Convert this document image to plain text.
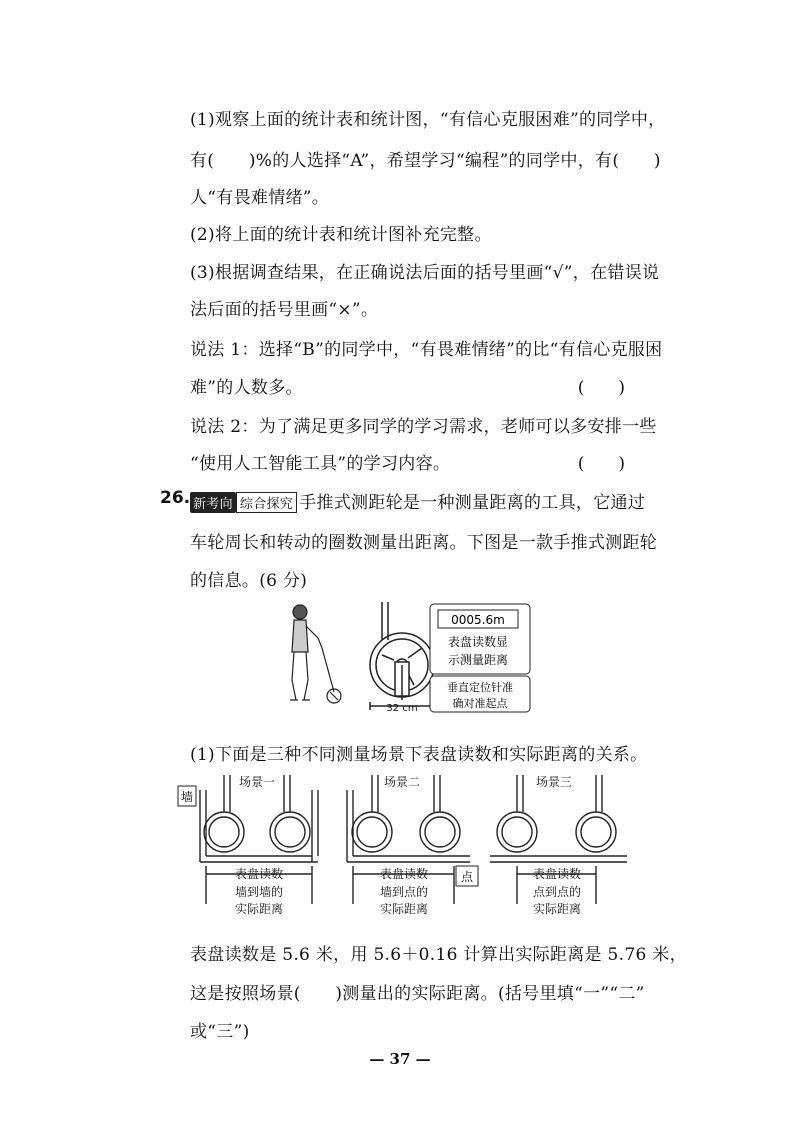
(1)观察上面的统计表和统计图，“有信心克服困难”的同学中，
有(　　)%的人选择“A”，希望学习“编程”的同学中，有(　　)
人“有畏难情绪”。
(2)将上面的统计表和统计图补充完整。
(3)根据调查结果，在正确说法后面的括号里画“√”，在错误说
法后面的括号里画“×”。
说法 1：选择“B”的同学中，“有畏难情绪”的比“有信心克服困
难”的人数多。	(　　)
说法 2：为了满足更多同学的学习需求，老师可以多安排一些
“使用人工智能工具”的学习内容。	(　　)
26. 新考向 综合探究 手推式测距轮是一种测量距离的工具，它通过
车轮周长和转动的圈数测量出距离。下图是一款手推式测距轮
的信息。(6 分)
32 cm
0005.6m
表盘读数显
示测量距离
垂直定位针准
确对准起点
(1)下面是三种不同测量场景下表盘读数和实际距离的关系。
场景一	场景二	场景三
墙
表盘读数
墙到墙的
实际距离
点
表盘读数
墙到点的
实际距离
表盘读数
点到点的
实际距离
表盘读数是 5.6 米，用 5.6＋0.16 计算出实际距离是 5.76 米，
这是按照场景(　　)测量出的实际距离。(括号里填“一”“二”
或“三”)
— 37 —
